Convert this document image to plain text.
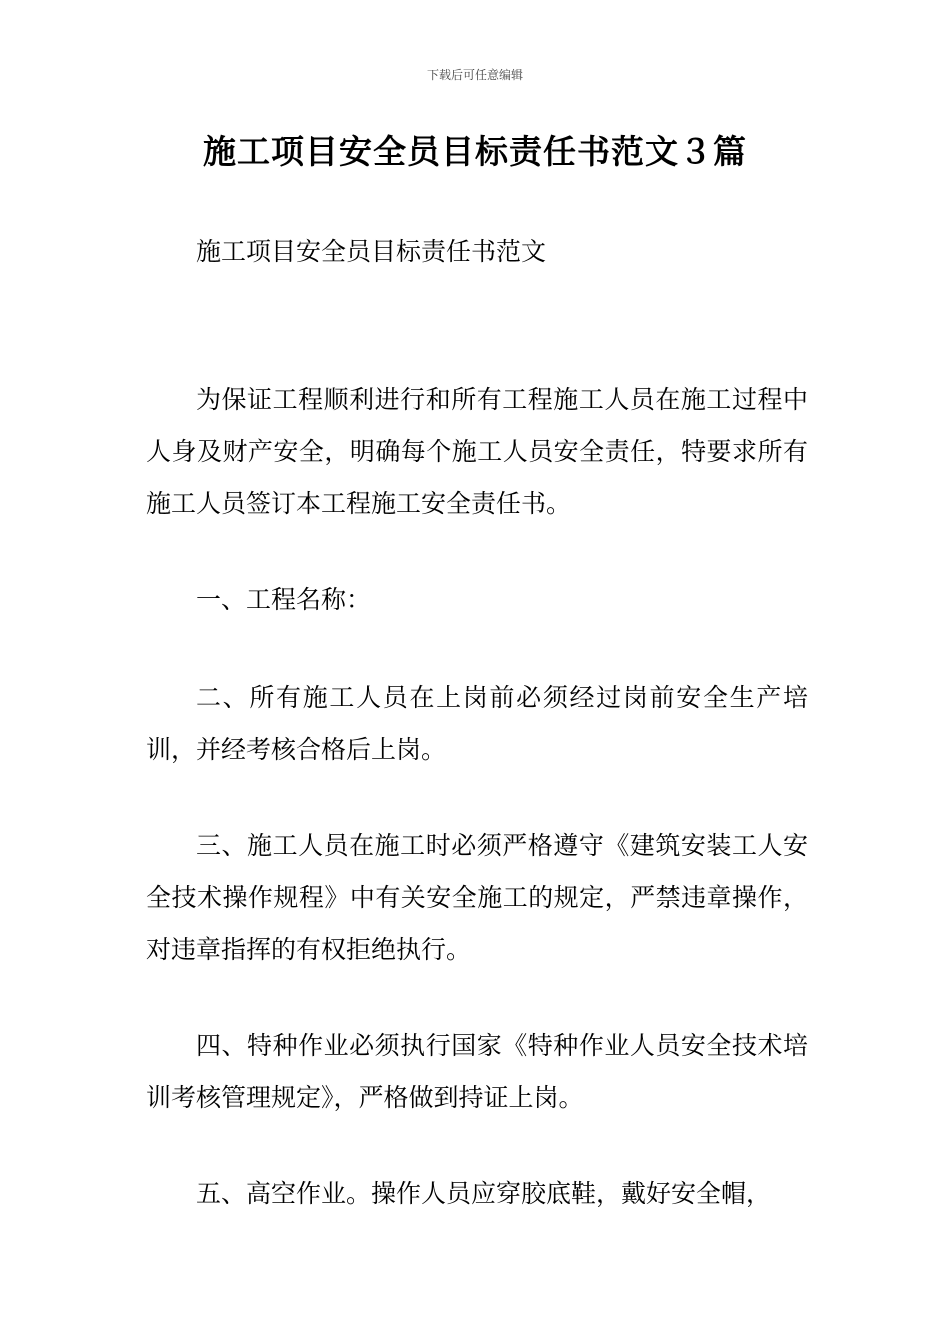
下载后可任意编辑
施工项目安全员目标责任书范文３篇

施工项目安全员目标责任书范文

为保证工程顺利进行和所有工程施工人员在施工过程中人身及财产安全，明确每个施工人员安全责任，特要求所有施工人员签订本工程施工安全责任书。

一、工程名称：

二、所有施工人员在上岗前必须经过岗前安全生产培训，并经考核合格后上岗。

三、施工人员在施工时必须严格遵守《建筑安装工人安全技术操作规程》中有关安全施工的规定，严禁违章操作，对违章指挥的有权拒绝执行。

四、特种作业必须执行国家《特种作业人员安全技术培训考核管理规定》，严格做到持证上岗。

五、高空作业。操作人员应穿胶底鞋，戴好安全帽，
